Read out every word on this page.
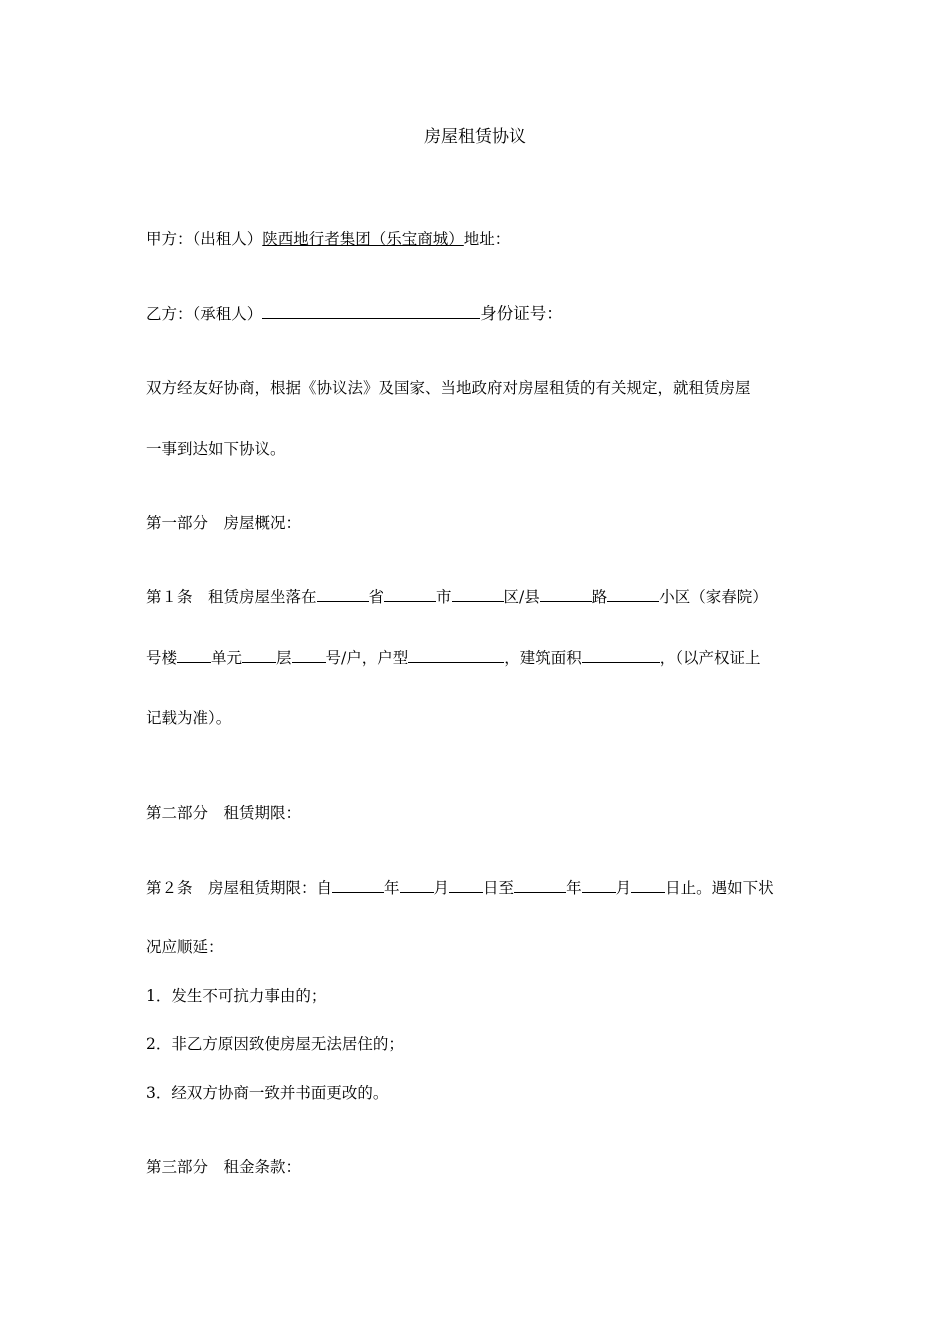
房屋租赁协议
甲方：（出租人）陕西地行者集团（乐宝商城）地址：
乙方：（承租人）	身份证号：
双方经友好协商，根据《协议法》及国家、当地政府对房屋租赁的有关规定，就租赁房屋
一事到达如下协议。
第一部分　房屋概况：
第１条　租赁房屋坐落在	省	市	区/县	路	小区（家春院）
号楼 单元 层 号/户，户型	，建筑面积	，（以产权证上
记载为准）。
第二部分　租赁期限：
第２条　房屋租赁期限：自	年 月 日至	年 月 日止。遇如下状
况应顺延：
1．发生不可抗力事由的；
2．非乙方原因致使房屋无法居住的；
3．经双方协商一致并书面更改的。
第三部分　租金条款：
